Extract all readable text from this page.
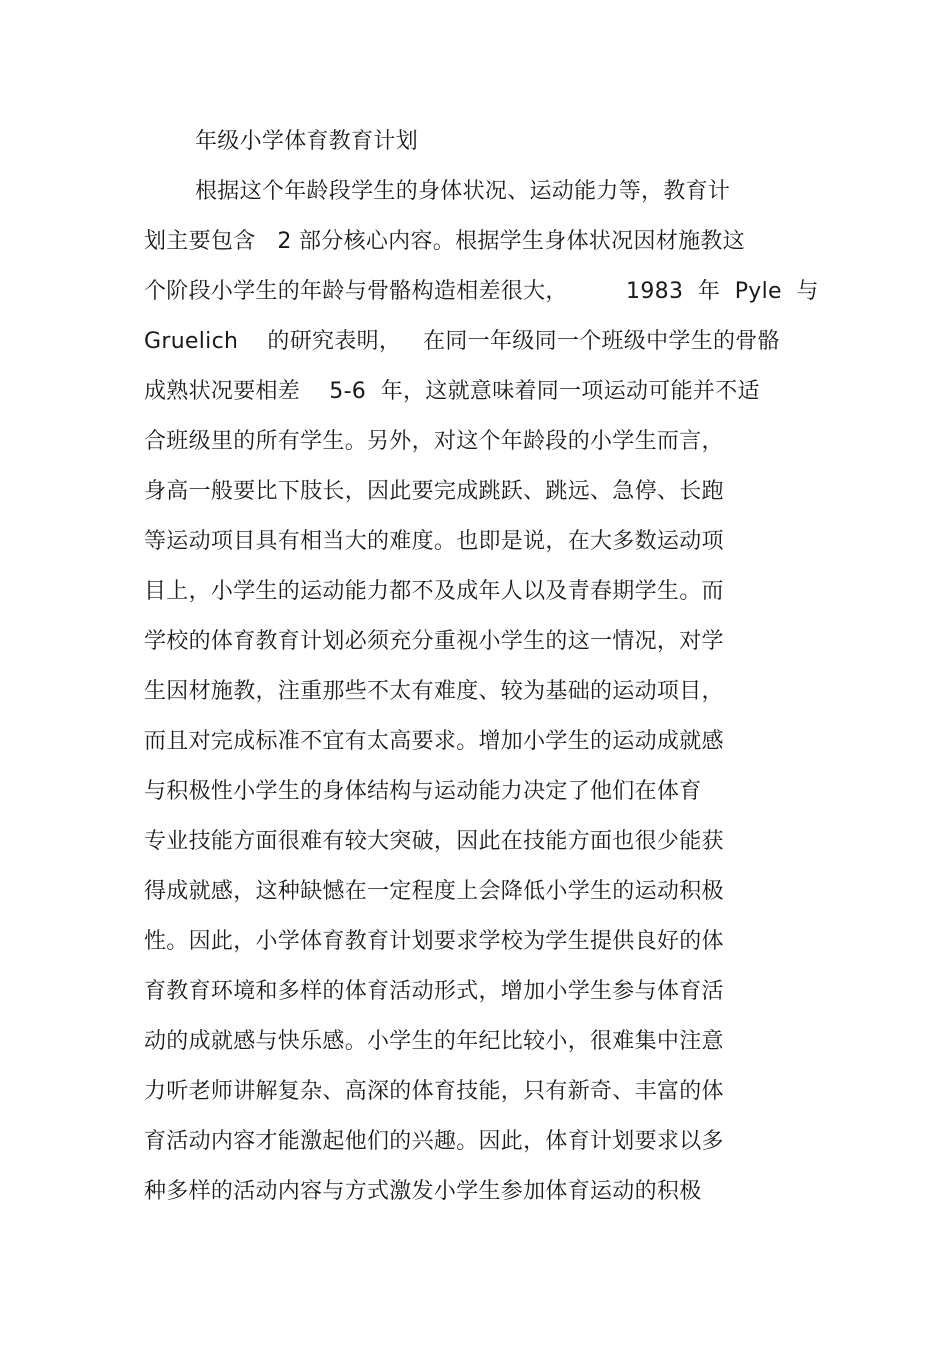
年级小学体育教育计划
根据这个年龄段学生的身体状况、运动能力等，教育计
划主要包含   2 部分核心内容。根据学生身体状况因材施教这
个阶段小学生的年龄与骨骼构造相差很大，        1983  年  Pyle  与
Gruelich    的研究表明，   在同一年级同一个班级中学生的骨骼
成熟状况要相差    5-6  年，这就意味着同一项运动可能并不适
合班级里的所有学生。另外，对这个年龄段的小学生而言，
身高一般要比下肢长，因此要完成跳跃、跳远、急停、长跑
等运动项目具有相当大的难度。也即是说，在大多数运动项
目上，小学生的运动能力都不及成年人以及青春期学生。而
学校的体育教育计划必须充分重视小学生的这一情况，对学
生因材施教，注重那些不太有难度、较为基础的运动项目，
而且对完成标准不宜有太高要求。增加小学生的运动成就感
与积极性小学生的身体结构与运动能力决定了他们在体育
专业技能方面很难有较大突破，因此在技能方面也很少能获
得成就感，这种缺憾在一定程度上会降低小学生的运动积极
性。因此，小学体育教育计划要求学校为学生提供良好的体
育教育环境和多样的体育活动形式，增加小学生参与体育活
动的成就感与快乐感。小学生的年纪比较小，很难集中注意
力听老师讲解复杂、高深的体育技能，只有新奇、丰富的体
育活动内容才能激起他们的兴趣。因此，体育计划要求以多
种多样的活动内容与方式激发小学生参加体育运动的积极
